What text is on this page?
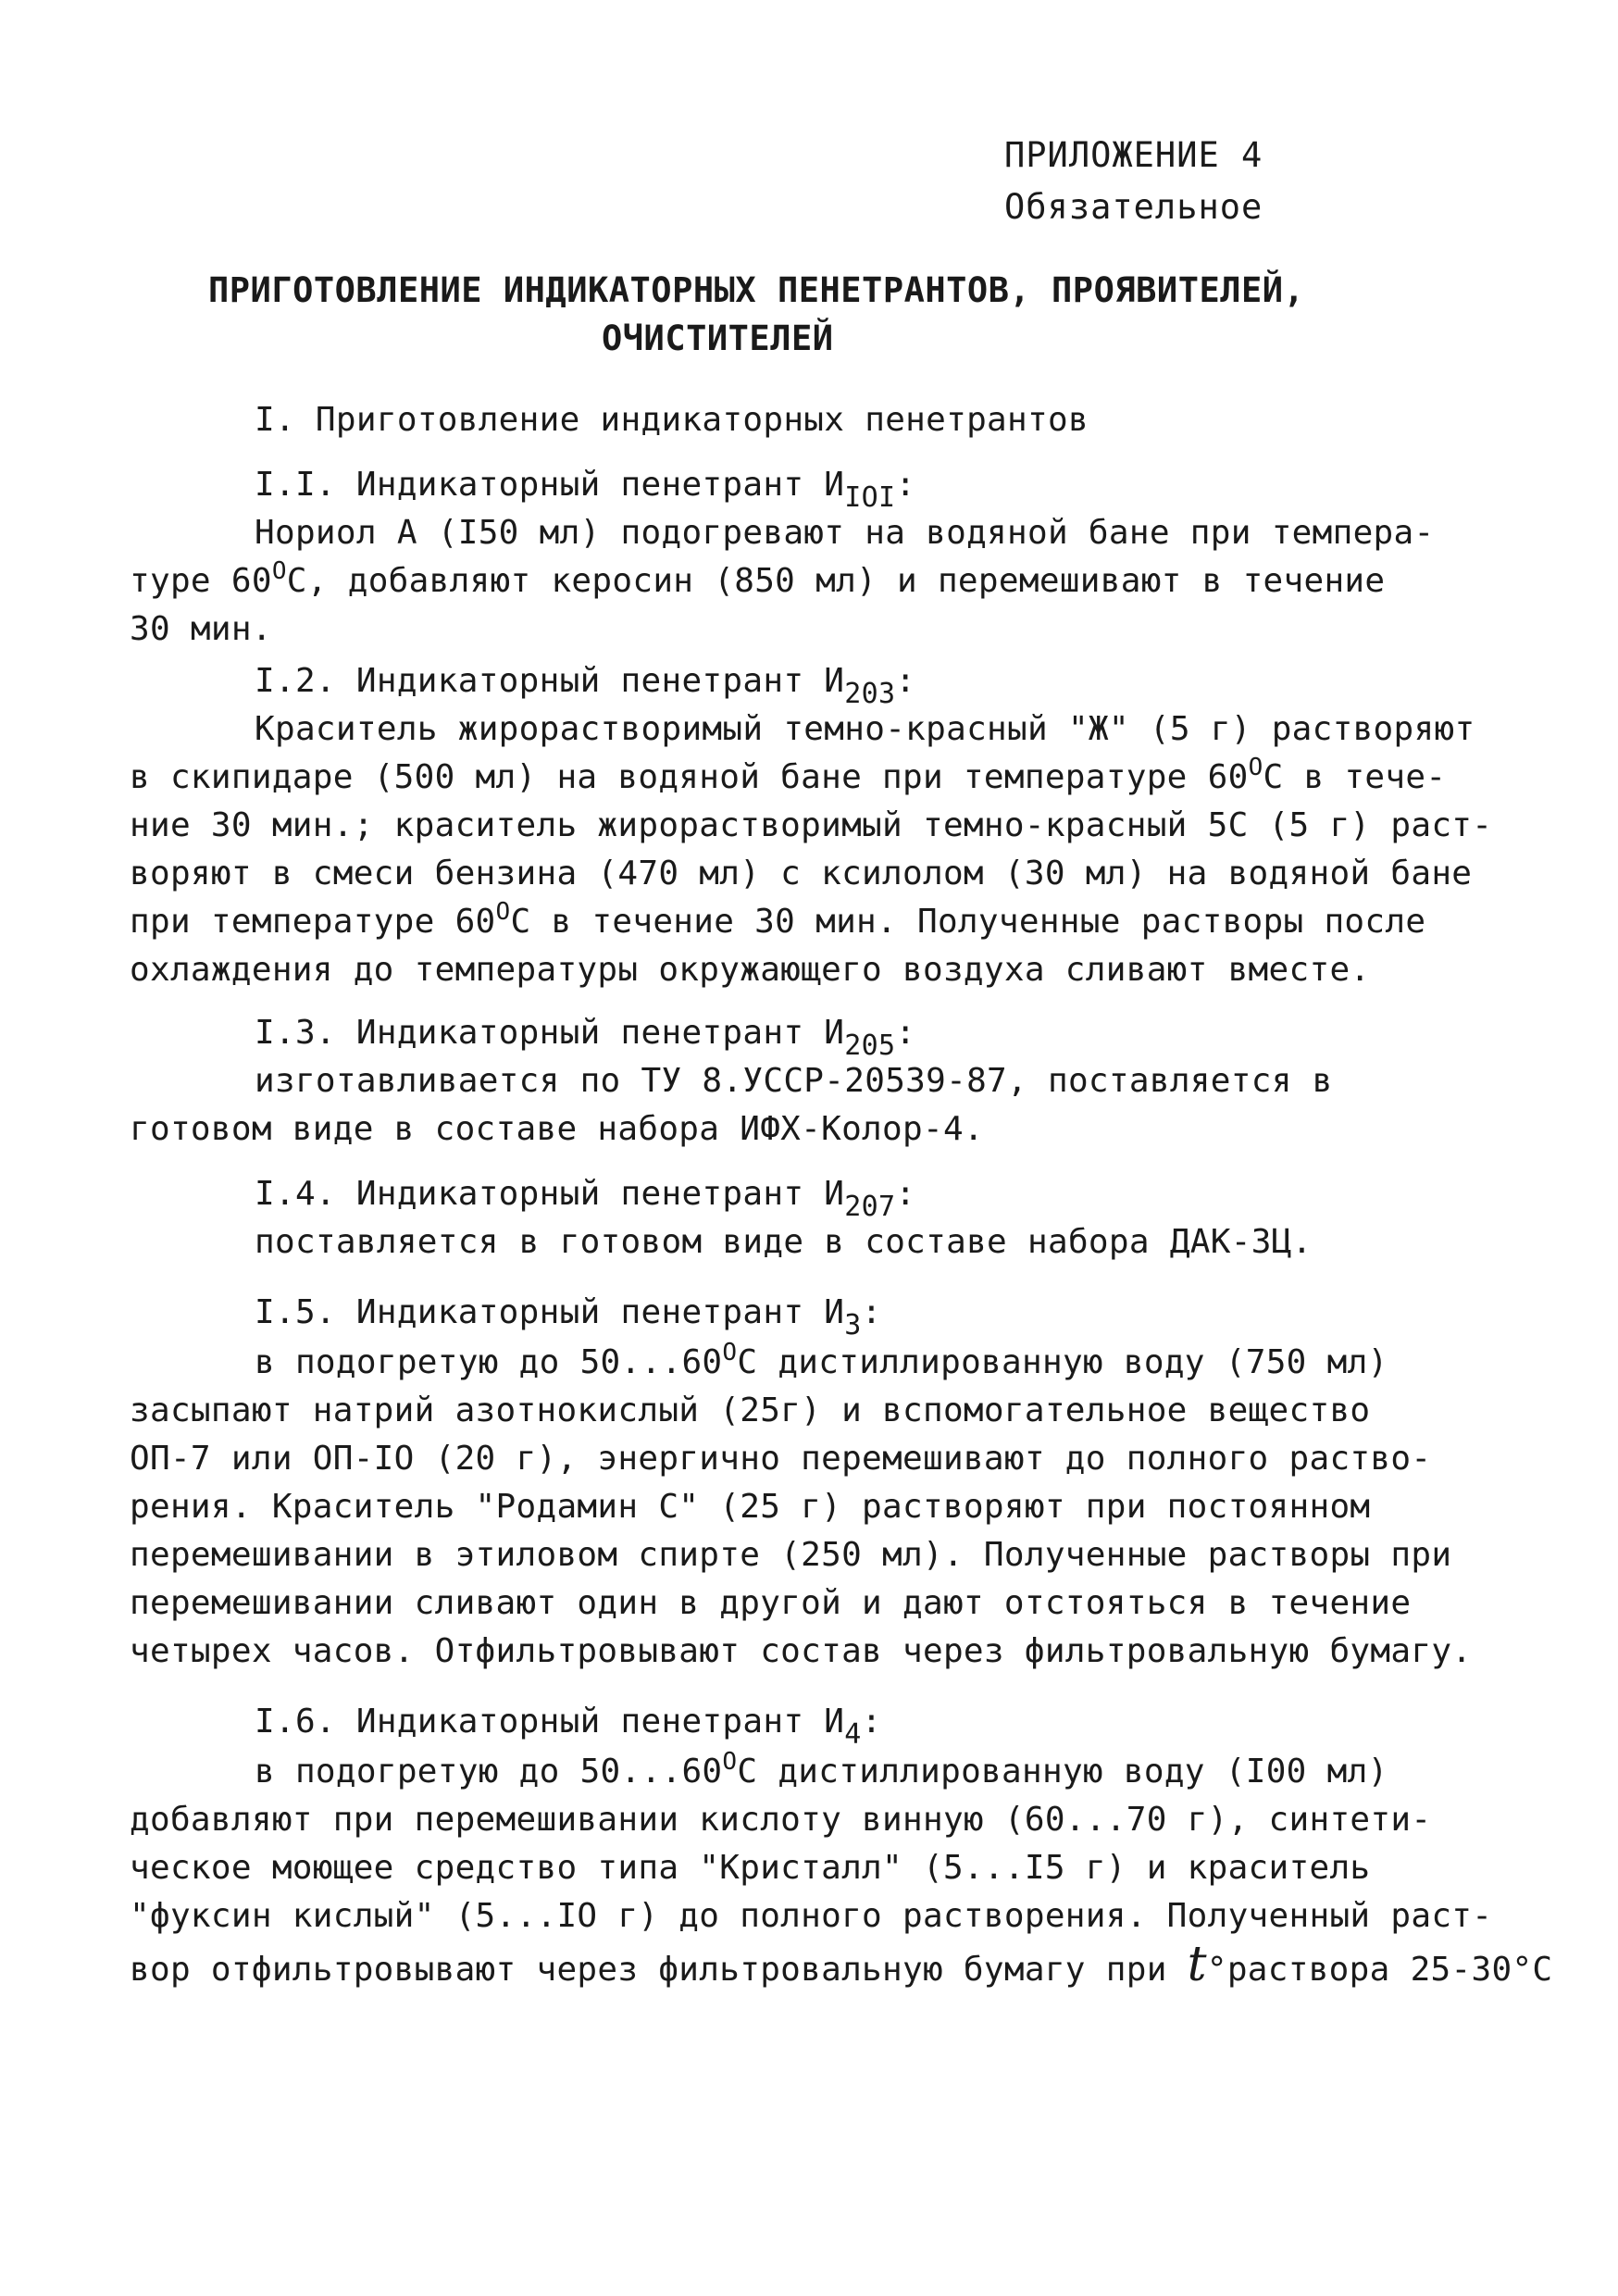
ПРИЛОЖЕНИЕ 4
Обязательное
ПРИГОТОВЛЕНИЕ ИНДИКАТОРНЫХ ПЕНЕТРАНТОВ, ПРОЯВИТЕЛЕЙ,
ОЧИСТИТЕЛЕЙ
I. Приготовление индикаторных пенетрантов
I.I. Индикаторный пенетрант $И_{IOI}$:
Нориол А (I50 мл) подогревают на водяной бане при темпера-
туре $60^ОС$, добавляют керосин (850 мл) и перемешивают в течение
30 мин.
I.2. Индикаторный пенетрант $И_{203}$:
Краситель жирорастворимый темно-красный "Ж" (5 г) растворяют
в скипидаре (500 мл) на водяной бане при температуре $60^ОС$ в тече-
ние 30 мин.; краситель жирорастворимый темно-красный 5С (5 г) раст-
воряют в смеси бензина (470 мл) с ксилолом (30 мл) на водяной бане
при температуре $60^ОС$ в течение 30 мин. Полученные растворы после
охлаждения до температуры окружающего воздуха сливают вместе.
I.3. Индикаторный пенетрант $И_{205}$:
изготавливается по ТУ 8.УССР-20539-87, поставляется в
готовом виде в составе набора ИФХ-Колор-4.
I.4. Индикаторный пенетрант $И_{207}$:
поставляется в готовом виде в составе набора ДАК-3Ц.
I.5. Индикаторный пенетрант $И_3$:
в подогретую до $50...60^ОС$ дистиллированную воду (750 мл)
засыпают натрий азотнокислый (25г) и вспомогательное вещество
ОП-7 или ОП-IО (20 г), энергично перемешивают до полного раство-
рения. Краситель "Родамин С" (25 г) растворяют при постоянном
перемешивании в этиловом спирте (250 мл). Полученные растворы при
перемешивании сливают один в другой и дают отстояться в течение
четырех часов. Отфильтровывают состав через фильтровальную бумагу.
I.6. Индикаторный пенетрант $И_4$:
в подогретую до $50...60^ОС$ дистиллированную воду (I00 мл)
добавляют при перемешивании кислоту винную (60...70 г), синтети-
ческое моющее средство типа "Кристалл" (5...I5 г) и краситель
"фуксин кислый" (5...IО г) до полного растворения. Полученный раст-
вор отфильтровывают через фильтровальную бумагу при t°раствора 25-30°С
